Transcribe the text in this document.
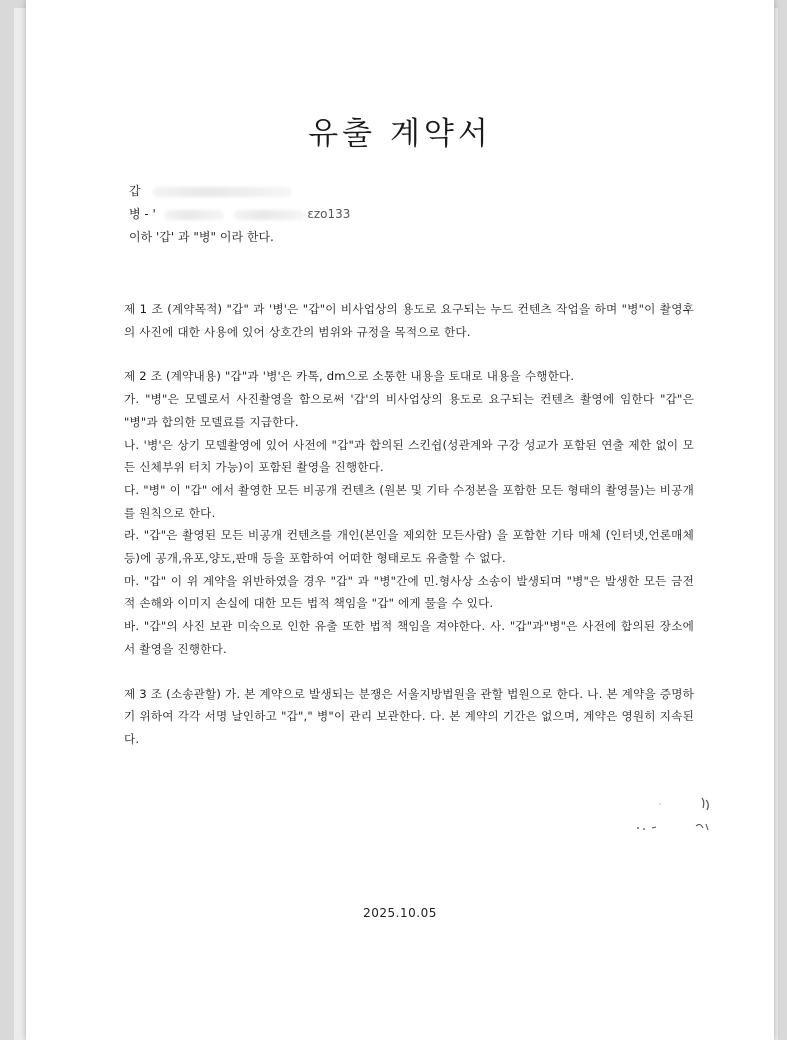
유출 계약서
갑
병 - '	ɛzo133
이하 '갑' 과 "병" 이라 한다.

제 1 조 (계약목적) "갑" 과 '병'은 "갑"이 비사업상의 용도로 요구되는 누드 컨텐츠 작업을 하며 "병"이 촬영후의 사진에 대한 사용에 있어 상호간의 범위와 규정을 목적으로 한다.

제 2 조 (계약내용) "갑"과 '병'은 카톡, dm으로 소통한 내용을 토대로 내용을 수행한다.

가. "병"은 모델로서 사진촬영을 함으로써 '갑'의 비사업상의 용도로 요구되는 컨텐츠 촬영에 임한다 "갑"은 "병"과 합의한 모델료를 지급한다.

나. '병'은 상기 모델촬영에 있어 사전에 "갑"과 합의된 스킨쉽(성관계와 구강 성교가 포함된 연출 제한 없이 모든 신체부위 터치 가능)이 포함된 촬영을 진행한다.

다. "병" 이 "갑" 에서 촬영한 모든 비공개 컨텐츠 (원본 및 기타 수정본을 포함한 모든 형태의 촬영물)는 비공개를 원칙으로 한다.

라. "갑"은 촬영된 모든 비공개 컨텐츠를 개인(본인을 제외한 모든사람) 을 포함한 기타 매체 (인터넷,언론매체 등)에 공개,유포,양도,판매 등을 포함하여 어떠한 형태로도 유출할 수 없다.

마. "갑" 이 위 계약을 위반하였을 경우 "갑" 과 "병"간에 민.형사상 소송이 발생되며 "병"은 발생한 모든 금전적 손해와 이미지 손실에 대한 모든 법적 책임을 "갑" 에게 물을 수 있다.

바. "갑"의 사진 보관 미숙으로 인한 유출 또한 법적 책임을 져야한다. 사. "갑"과"병"은 사전에 합의된 장소에서 촬영을 진행한다.

제 3 조 (소송관할) 가. 본 계약으로 발생되는 분쟁은 서울지방법원을 관할 법원으로 한다. 나. 본 계약을 증명하기 위하여 각각 서명 날인하고 "갑"," 병"이 관리 보관한다. 다. 본 계약의 기간은 없으며, 계약은 영원히 지속된다.

2025.10.05
